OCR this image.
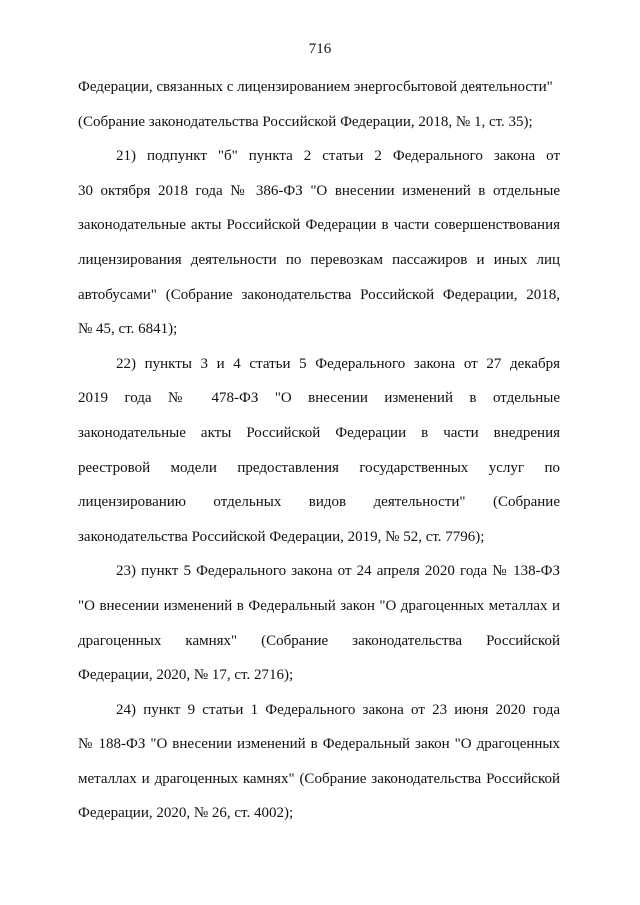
716
Федерации, связанных с лицензированием энергосбытовой деятельности"
(Собрание законодательства Российской Федерации, 2018, № 1, ст. 35);
21) подпункт "б" пункта 2 статьи 2 Федерального закона от
30 октября 2018 года № 386-ФЗ "О внесении изменений в отдельные
законодательные акты Российской Федерации в части совершенствования
лицензирования деятельности по перевозкам пассажиров и иных лиц
автобусами" (Собрание законодательства Российской Федерации, 2018,
№ 45, ст. 6841);
22) пункты 3 и 4 статьи 5 Федерального закона от 27 декабря
2019 года № 478-ФЗ "О внесении изменений в отдельные
законодательные акты Российской Федерации в части внедрения
реестровой модели предоставления государственных услуг по
лицензированию отдельных видов деятельности" (Собрание
законодательства Российской Федерации, 2019, № 52, ст. 7796);
23) пункт 5 Федерального закона от 24 апреля 2020 года № 138-ФЗ
"О внесении изменений в Федеральный закон "О драгоценных металлах и
драгоценных камнях" (Собрание законодательства Российской
Федерации, 2020, № 17, ст. 2716);
24) пункт 9 статьи 1 Федерального закона от 23 июня 2020 года
№ 188-ФЗ "О внесении изменений в Федеральный закон "О драгоценных
металлах и драгоценных камнях" (Собрание законодательства Российской
Федерации, 2020, № 26, ст. 4002);
